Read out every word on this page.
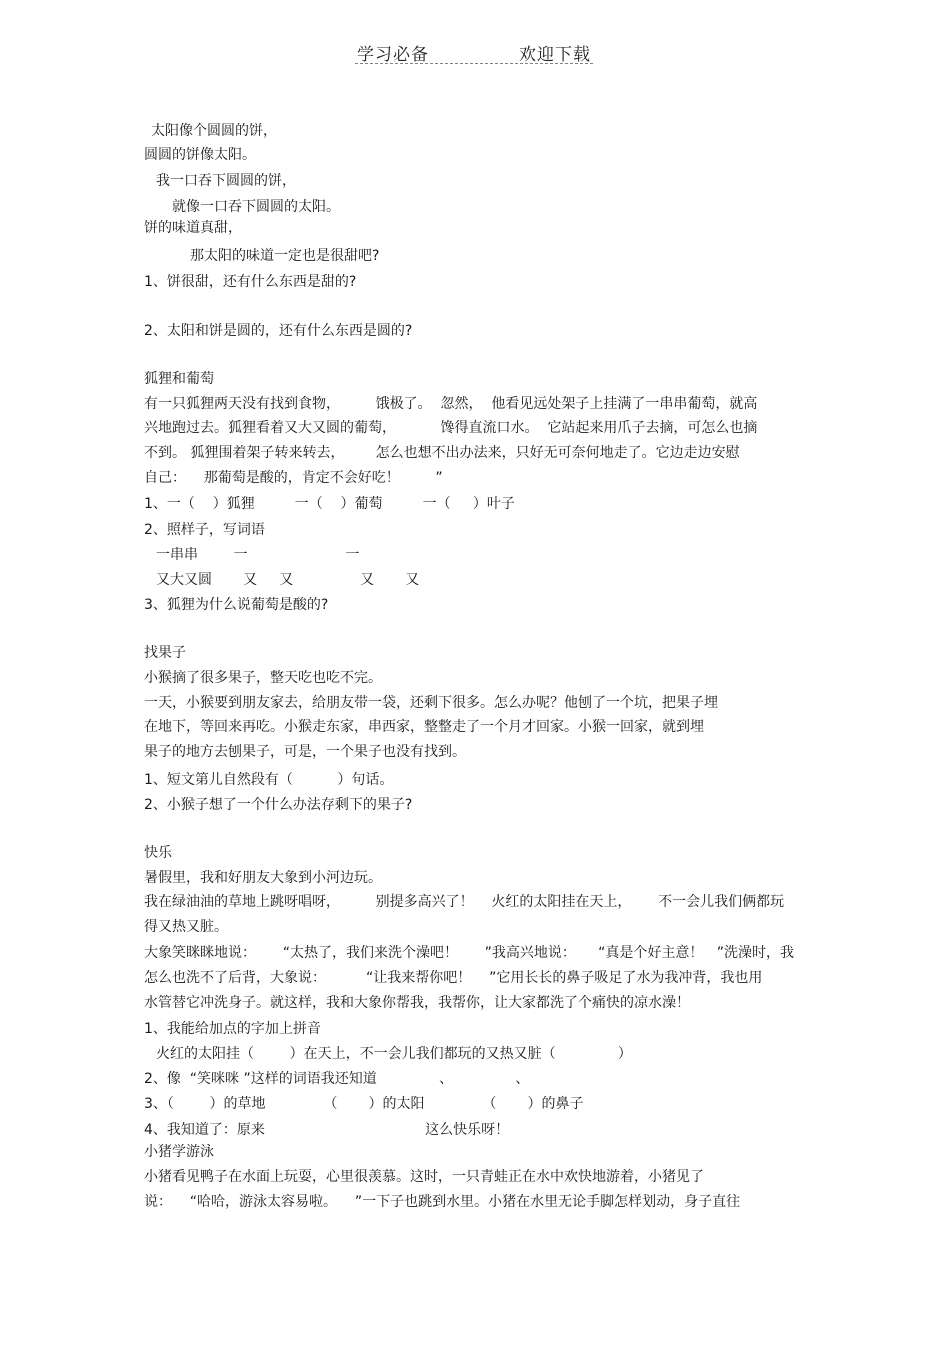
学习必备	欢迎下载
太阳像个圆圆的饼，
圆圆的饼像太阳。
我一口吞下圆圆的饼，
就像一口吞下圆圆的太阳。
饼的味道真甜，
那太阳的味道一定也是很甜吧?
1、饼很甜，还有什么东西是甜的?
2、太阳和饼是圆的，还有什么东西是圆的?
狐狸和葡萄
有一只狐狸两天没有找到食物，        饿极了。  忽然，  他看见远处架子上挂满了一串串葡萄，就高
兴地跑过去。狐狸看着又大又圆的葡萄，          馋得直流口水。  它站起来用爪子去摘，可怎么也摘
不到。 狐狸围着架子转来转去，       怎么也想不出办法来，只好无可奈何地走了。它边走边安慰
自己：    那葡萄是酸的，肯定不会好吃！        ”
1、一（    ）狐狸         一（    ）葡萄         一（     ）叶子
2、照样子，写词语
一串串        一                      一
又大又圆       又     又               又       又
3、狐狸为什么说葡萄是酸的?
找果子
小猴摘了很多果子，整天吃也吃不完。
一天，小猴要到朋友家去，给朋友带一袋，还剩下很多。怎么办呢？他刨了一个坑，把果子埋
在地下，等回来再吃。小猴走东家，串西家，整整走了一个月才回家。小猴一回家，就到埋
果子的地方去刨果子，可是，一个果子也没有找到。
1、短文第儿自然段有（          ）句话。
2、小猴子想了一个什么办法存剩下的果子?
快乐
暑假里，我和好朋友大象到小河边玩。
我在绿油油的草地上跳呀唱呀，        别提多高兴了！    火红的太阳挂在天上，      不一会儿我们俩都玩
得又热又脏。
大象笑眯眯地说：      “太热了，我们来洗个澡吧！      ”我高兴地说：     “真是个好主意！   ”洗澡时，我
怎么也洗不了后背，大象说：         “让我来帮你吧！    ”它用长长的鼻子吸足了水为我冲背，我也用
水管替它冲洗身子。就这样，我和大象你帮我，我帮你，让大家都洗了个痛快的凉水澡！
1、我能给加点的字加上拼音
火红的太阳挂（        ）在天上，不一会儿我们都玩的又热又脏（              ）
2、像  “笑咪咪 ”这样的词语我还知道              、              、
3、（        ）的草地             （       ）的太阳             （       ）的鼻子
4、我知道了：原来                                    这么快乐呀！
小猪学游泳
小猪看见鸭子在水面上玩耍，心里很羡慕。这时，一只青蛙正在水中欢快地游着，小猪见了
说：    “哈哈，游泳太容易啦。    ”一下子也跳到水里。小猪在水里无论手脚怎样划动，身子直往
